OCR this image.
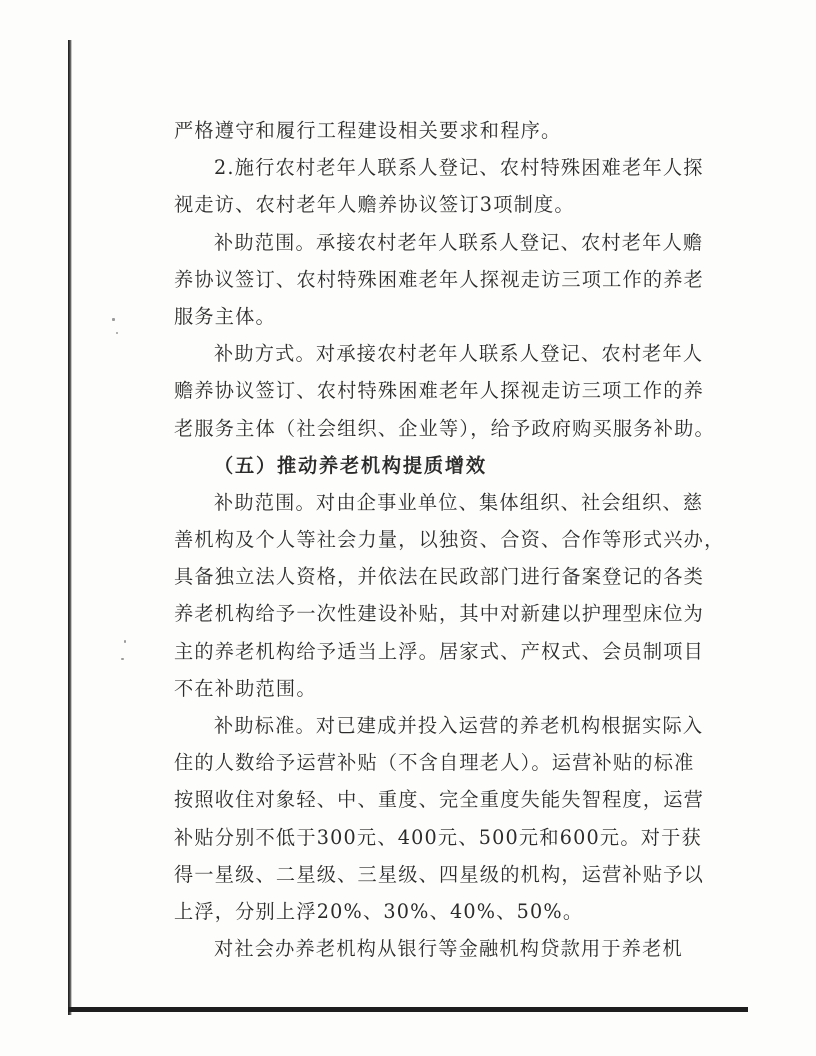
严格遵守和履行工程建设相关要求和程序。
2.施行农村老年人联系人登记、农村特殊困难老年人探
视走访、农村老年人赡养协议签订3项制度。
补助范围。承接农村老年人联系人登记、农村老年人赡
养协议签订、农村特殊困难老年人探视走访三项工作的养老
服务主体。
补助方式。对承接农村老年人联系人登记、农村老年人
赡养协议签订、农村特殊困难老年人探视走访三项工作的养
老服务主体（社会组织、企业等），给予政府购买服务补助。
（五）推动养老机构提质增效
补助范围。对由企事业单位、集体组织、社会组织、慈
善机构及个人等社会力量，以独资、合资、合作等形式兴办，
具备独立法人资格，并依法在民政部门进行备案登记的各类
养老机构给予一次性建设补贴，其中对新建以护理型床位为
主的养老机构给予适当上浮。居家式、产权式、会员制项目
不在补助范围。
补助标准。对已建成并投入运营的养老机构根据实际入
住的人数给予运营补贴（不含自理老人）。运营补贴的标准
按照收住对象轻、中、重度、完全重度失能失智程度，运营
补贴分别不低于300元、400元、500元和600元。对于获
得一星级、二星级、三星级、四星级的机构，运营补贴予以
上浮，分别上浮20%、30%、40%、50%。
对社会办养老机构从银行等金融机构贷款用于养老机
